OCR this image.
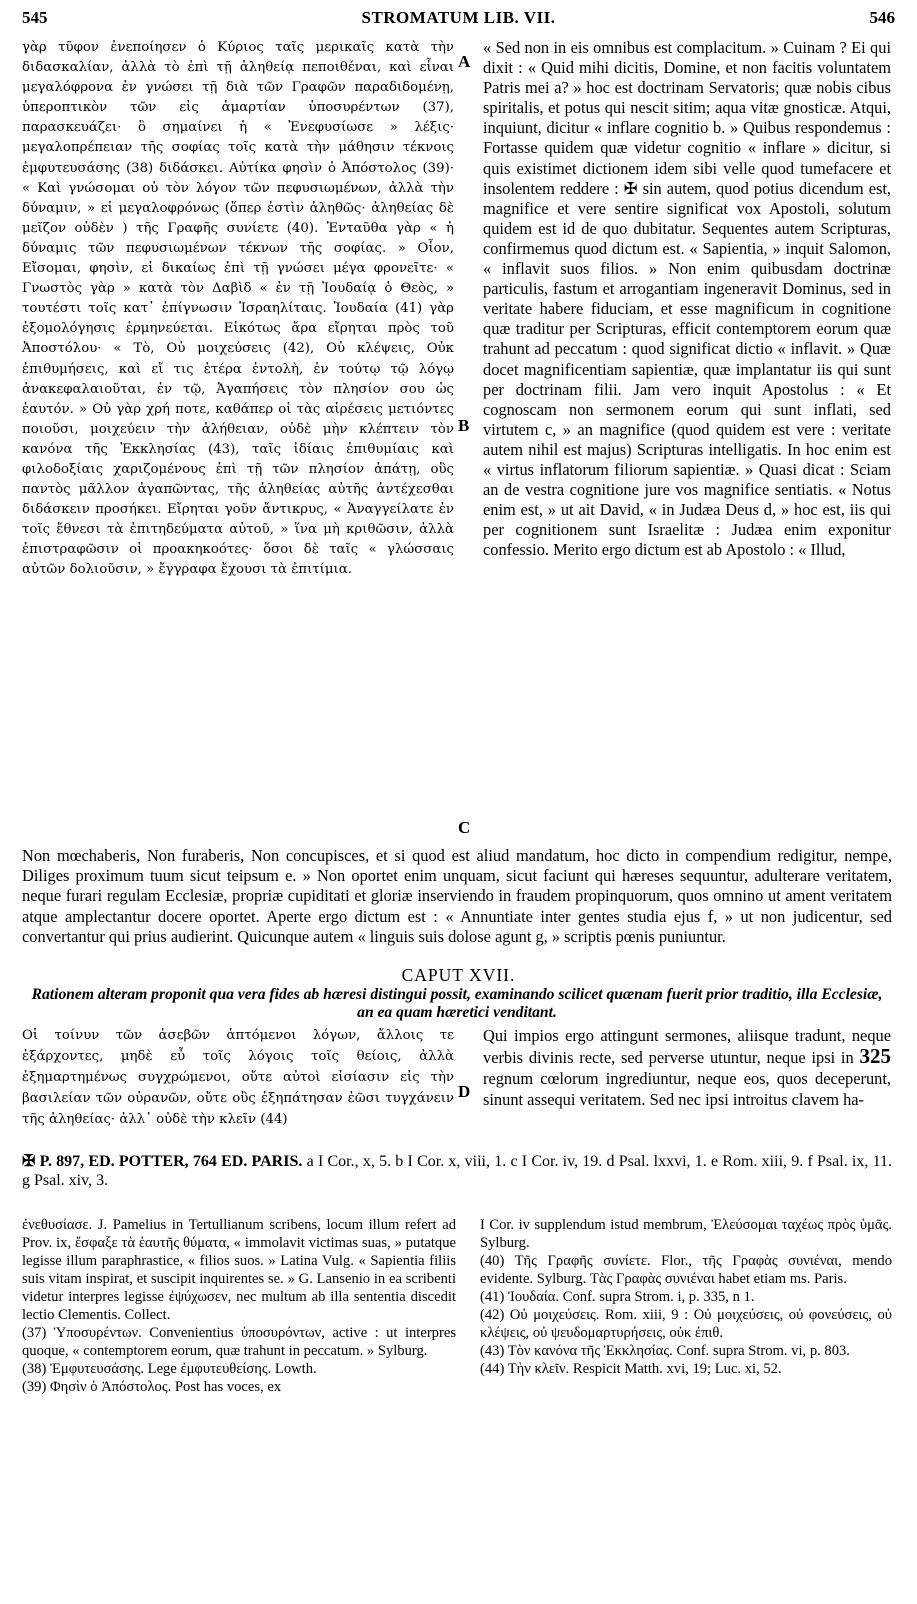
545	STROMATUM LIB. VII.	546
γὰρ τῦφον ἐνεποίησεν ὁ Κύριος ταῖς μερικαῖς κατὰ τὴν διδασκαλίαν, ἀλλὰ τὸ ἐπὶ τῇ ἀληθείᾳ πεποιθέναι, καὶ εἶναι μεγαλόφρονα ἐν γνώσει τῇ διὰ τῶν Γραφῶν παραδιδομένῃ, ὑπεροπτικὸν τῶν εἰς ἁμαρτίαν ὑποσυρέντων (37), παρασκευάζει· ὃ σημαίνει ἡ « Ἐνεφυσίωσε » λέξις· μεγαλοπρέπειαν τῆς σοφίας τοῖς κατὰ τὴν μάθησιν τέκνοις ἐμφυτευσάσης (38) διδάσκει. Αὐτίκα φησὶν ὁ Ἀπόστολος (39)· « Καὶ γνώσομαι οὐ τὸν λόγον τῶν πεφυσιωμένων, ἀλλὰ τὴν δύναμιν, » εἰ μεγαλοφρόνως (ὅπερ ἐστὶν ἀληθῶς· ἀληθείας δὲ μεῖζον οὐδὲν ) τῆς Γραφῆς συνίετε (40). Ἐνταῦθα γὰρ « ἡ δύναμις τῶν πεφυσιωμένων τέκνων τῆς σοφίας. » Οἷον, Εἴσομαι, φησὶν, εἰ δικαίως ἐπὶ τῇ γνώσει μέγα φρονεῖτε· « Γνωστὸς γὰρ » κατὰ τὸν Δαβὶδ « ἐν τῇ Ἰουδαίᾳ ὁ Θεὸς, » τουτέστι τοῖς κατ᾽ ἐπίγνωσιν Ἰσραηλίταις. Ἰουδαία (41) γὰρ ἐξομολόγησις ἑρμηνεύεται. Εἰκότως ἄρα εἴρηται πρὸς τοῦ Ἀποστόλου· « Τὸ, Οὐ μοιχεύσεις (42), Οὐ κλέψεις, Οὐκ ἐπιθυμήσεις, καὶ εἴ τις ἑτέρα ἐντολὴ, ἐν τούτῳ τῷ λόγῳ ἀνακεφαλαιοῦται, ἐν τῷ, Ἀγαπήσεις τὸν πλησίον σου ὡς ἑαυτόν. » Οὐ γὰρ χρή ποτε, καθάπερ οἱ τὰς αἱρέσεις μετιόντες ποιοῦσι, μοιχεύειν τὴν ἀλήθειαν, οὐδὲ μὴν κλέπτειν τὸν κανόνα τῆς Ἐκκλησίας (43), ταῖς ἰδίαις ἐπιθυμίαις καὶ φιλοδοξίαις χαριζομένους ἐπὶ τῇ τῶν πλησίον ἀπάτῃ, οὓς παντὸς μᾶλλον ἀγαπῶντας, τῆς ἀληθείας αὐτῆς ἀντέχεσθαι διδάσκειν προσήκει. Εἴρηται γοῦν ἄντικρυς, « Ἀναγγείλατε ἐν τοῖς ἔθνεσι τὰ ἐπιτηδεύματα αὐτοῦ, » ἵνα μὴ κριθῶσιν, ἀλλὰ ἐπιστραφῶσιν οἱ προακηκοότες· ὅσοι δὲ ταῖς « γλώσσαις αὐτῶν δολιοῦσιν, » ἔγγραφα ἔχουσι τὰ ἐπιτίμια.
« Sed non in eis omnibus est complacitum. » Cuinam ? Ei qui dixit : « Quid mihi dicitis, Domine, et non facitis voluntatem Patris mei a? » hoc est doctrinam Servatoris; quæ nobis cibus spiritalis, et potus qui nescit sitim; aqua vitæ gnosticæ. Atqui, inquiunt, dicitur « inflare cognitio b. » Quibus respondemus : Fortasse quidem quæ videtur cognitio « inflare » dicitur, si quis existimet dictionem idem sibi velle quod tumefacere et insolentem reddere : ✠ sin autem, quod potius dicendum est, magnifice et vere sentire significat vox Apostoli, solutum quidem est id de quo dubitatur. Sequentes autem Scripturas, confirmemus quod dictum est. « Sapientia, » inquit Salomon, « inflavit suos filios. » Non enim quibusdam doctrinæ particulis, fastum et arrogantiam ingeneravit Dominus, sed in veritate habere fiduciam, et esse magnificum in cognitione quæ traditur per Scripturas, efficit contemptorem eorum quæ trahunt ad peccatum : quod significat dictio « inflavit. » Quæ docet magnificentiam sapientiæ, quæ implantatur iis qui sunt per doctrinam filii. Jam vero inquit Apostolus : « Et cognoscam non sermonem eorum qui sunt inflati, sed virtutem c, » an magnifice (quod quidem est vere : veritate autem nihil est majus) Scripturas intelligatis. In hoc enim est « virtus inflatorum filiorum sapientiæ. » Quasi dicat : Sciam an de vestra cognitione jure vos magnifice sentiatis. « Notus enim est, » ut ait David, « in Judæa Deus d, » hoc est, iis qui per cognitionem sunt Israelitæ : Judæa enim exponitur confessio. Merito ergo dictum est ab Apostolo : « Illud,
A
B
C
D
Non mœchaberis, Non furaberis, Non concupisces, et si quod est aliud mandatum, hoc dicto in compendium redigitur, nempe, Diliges proximum tuum sicut teipsum e. » Non oportet enim unquam, sicut faciunt qui hæreses sequuntur, adulterare veritatem, neque furari regulam Ecclesiæ, propriæ cupiditati et gloriæ inserviendo in fraudem propinquorum, quos omnino ut ament veritatem atque amplectantur docere oportet. Aperte ergo dictum est : « Annuntiate inter gentes studia ejus f, » ut non judicentur, sed convertantur qui prius audierint. Quicunque autem « linguis suis dolose agunt g, » scriptis pœnis puniuntur.
CAPUT XVII.
Rationem alteram proponit qua vera fides ab hæresi distingui possit, examinando scilicet quænam fuerit prior traditio, illa Ecclesiæ, an ea quam hæretici venditant.
Οἱ τοίνυν τῶν ἀσεβῶν ἁπτόμενοι λόγων, ἄλλοις τε ἐξάρχοντες, μηδὲ εὖ τοῖς λόγοις τοῖς θείοις, ἀλλὰ ἐξημαρτημένως συγχρώμενοι, οὔτε αὐτοὶ εἰσίασιν εἰς τὴν βασιλείαν τῶν οὐρανῶν, οὔτε οὓς ἐξηπάτησαν ἐῶσι τυγχάνειν τῆς ἀληθείας· ἀλλ᾽ οὐδὲ τὴν κλεῖν (44)
Qui impios ergo attingunt sermones, aliisque tradunt, neque verbis divinis recte, sed perverse utuntur, neque ipsi in 325 regnum cœlorum ingrediuntur, neque eos, quos deceperunt, sinunt assequi veritatem. Sed nec ipsi introitus clavem ha-
✠ P. 897, ED. POTTER, 764 ED. PARIS. a I Cor., x, 5. b I Cor. x, viii, 1. c I Cor. iv, 19. d Psal. lxxvi, 1. e Rom. xiii, 9. f Psal. ix, 11. g Psal. xiv, 3.

ἐνεθυσίασε. J. Pamelius in Tertullianum scribens, locum illum refert ad Prov. ix, ἔσφαξε τὰ ἑαυτῆς θύματα, « immolavit victimas suas, » putatque legisse illum paraphrastice, « filios suos. » Latina Vulg. « Sapientia filiis suis vitam inspirat, et suscipit inquirentes se. » G. Lansenio in ea scribenti videtur interpres legisse ἐψύχωσεν, nec multum ab illa sententia discedit lectio Clementis. Collect.

(37) Ὑποσυρέντων. Convenientius ὑποσυρόντων, active : ut interpres quoque, « contemptorem eorum, quæ trahunt in peccatum. » Sylburg.

(38) Ἐμφυτευσάσης. Lege ἐμφυτευθείσης. Lowth.

(39) Φησὶν ὁ Ἀπόστολος. Post has voces, ex

I Cor. iv supplendum istud membrum, Ἐλεύσομαι ταχέως πρὸς ὑμᾶς. Sylburg.

(40) Τῆς Γραφῆς συνίετε. Flor., τῆς Γραφὰς συνιέναι, mendo evidente. Sylburg. Τὰς Γραφὰς συνιέναι habet etiam ms. Paris.

(41) Ἰουδαία. Conf. supra Strom. i, p. 335, n 1.

(42) Οὐ μοιχεύσεις. Rom. xiii, 9 : Οὐ μοιχεύσεις, οὐ φονεύσεις, οὐ κλέψεις, οὐ ψευδομαρτυρήσεις, οὐκ ἐπιθ.

(43) Τὸν κανόνα τῆς Ἐκκλησίας. Conf. supra Strom. vi, p. 803.

(44) Τὴν κλεῖν. Respicit Matth. xvi, 19; Luc. xi, 52.
